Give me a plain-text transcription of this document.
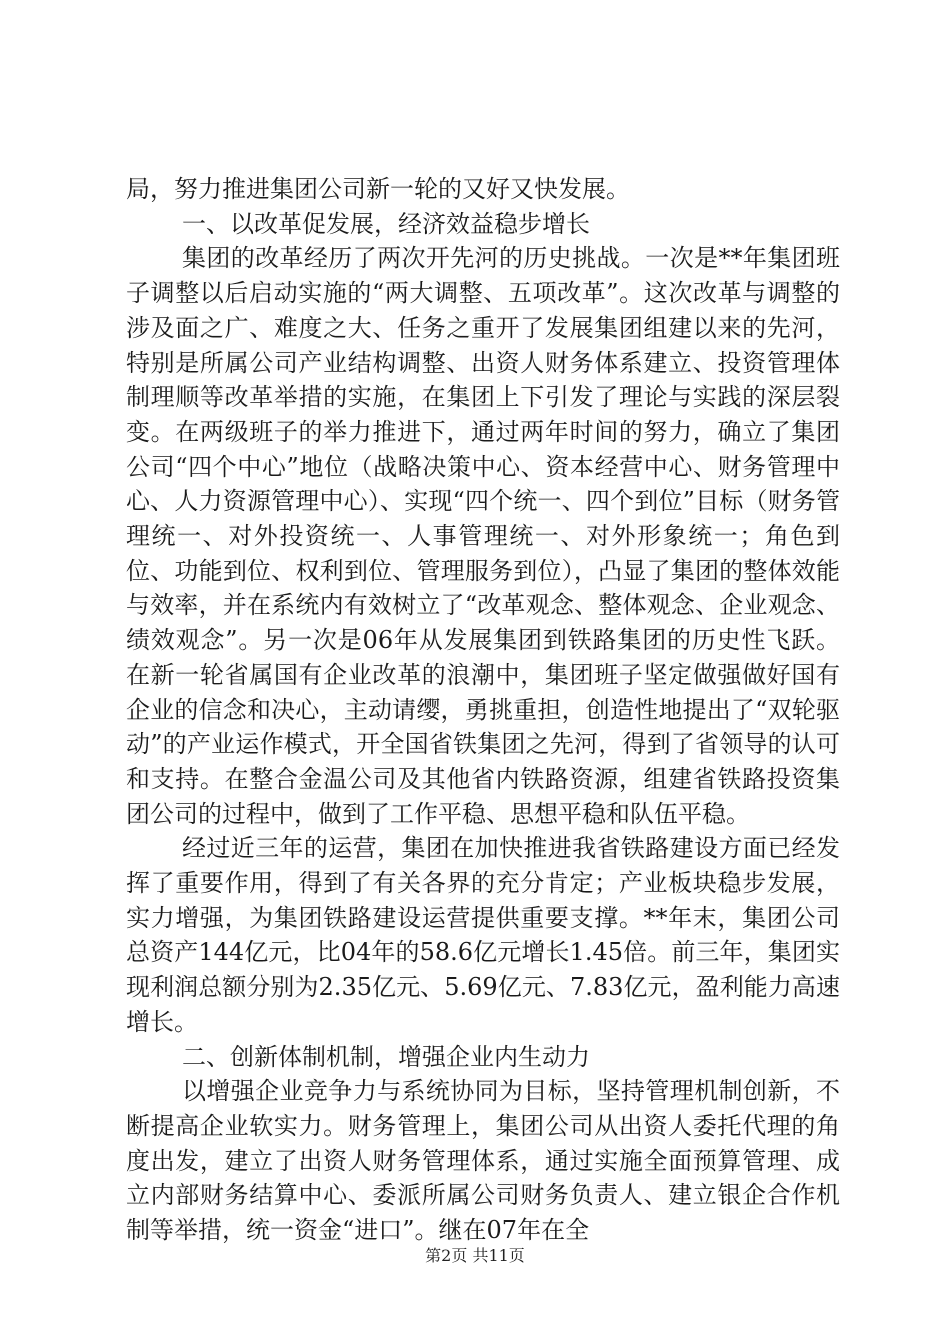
局，努力推进集团公司新一轮的又好又快发展。

一、以改革促发展，经济效益稳步增长

集团的改革经历了两次开先河的历史挑战。一次是**年集团班子调整以后启动实施的“两大调整、五项改革”。这次改革与调整的涉及面之广、难度之大、任务之重开了发展集团组建以来的先河，特别是所属公司产业结构调整、出资人财务体系建立、投资管理体制理顺等改革举措的实施，在集团上下引发了理论与实践的深层裂变。在两级班子的举力推进下，通过两年时间的努力，确立了集团公司“四个中心”地位（战略决策中心、资本经营中心、财务管理中心、人力资源管理中心）、实现“四个统一、四个到位”目标（财务管理统一、对外投资统一、人事管理统一、对外形象统一；角色到位、功能到位、权利到位、管理服务到位），凸显了集团的整体效能与效率，并在系统内有效树立了“改革观念、整体观念、企业观念、绩效观念”。另一次是06年从发展集团到铁路集团的历史性飞跃。在新一轮省属国有企业改革的浪潮中，集团班子坚定做强做好国有企业的信念和决心，主动请缨，勇挑重担，创造性地提出了“双轮驱动”的产业运作模式，开全国省铁集团之先河，得到了省领导的认可和支持。在整合金温公司及其他省内铁路资源，组建省铁路投资集团公司的过程中，做到了工作平稳、思想平稳和队伍平稳。

经过近三年的运营，集团在加快推进我省铁路建设方面已经发挥了重要作用，得到了有关各界的充分肯定；产业板块稳步发展，实力增强，为集团铁路建设运营提供重要支撑。**年末，集团公司总资产144亿元，比04年的58.6亿元增长1.45倍。前三年，集团实现利润总额分别为2.35亿元、5.69亿元、7.83亿元，盈利能力高速增长。

二、创新体制机制，增强企业内生动力

以增强企业竞争力与系统协同为目标，坚持管理机制创新，不断提高企业软实力。财务管理上，集团公司从出资人委托代理的角度出发，建立了出资人财务管理体系，通过实施全面预算管理、成立内部财务结算中心、委派所属公司财务负责人、建立银企合作机制等举措，统一资金“进口”。继在07年在全

第2页 共11页
